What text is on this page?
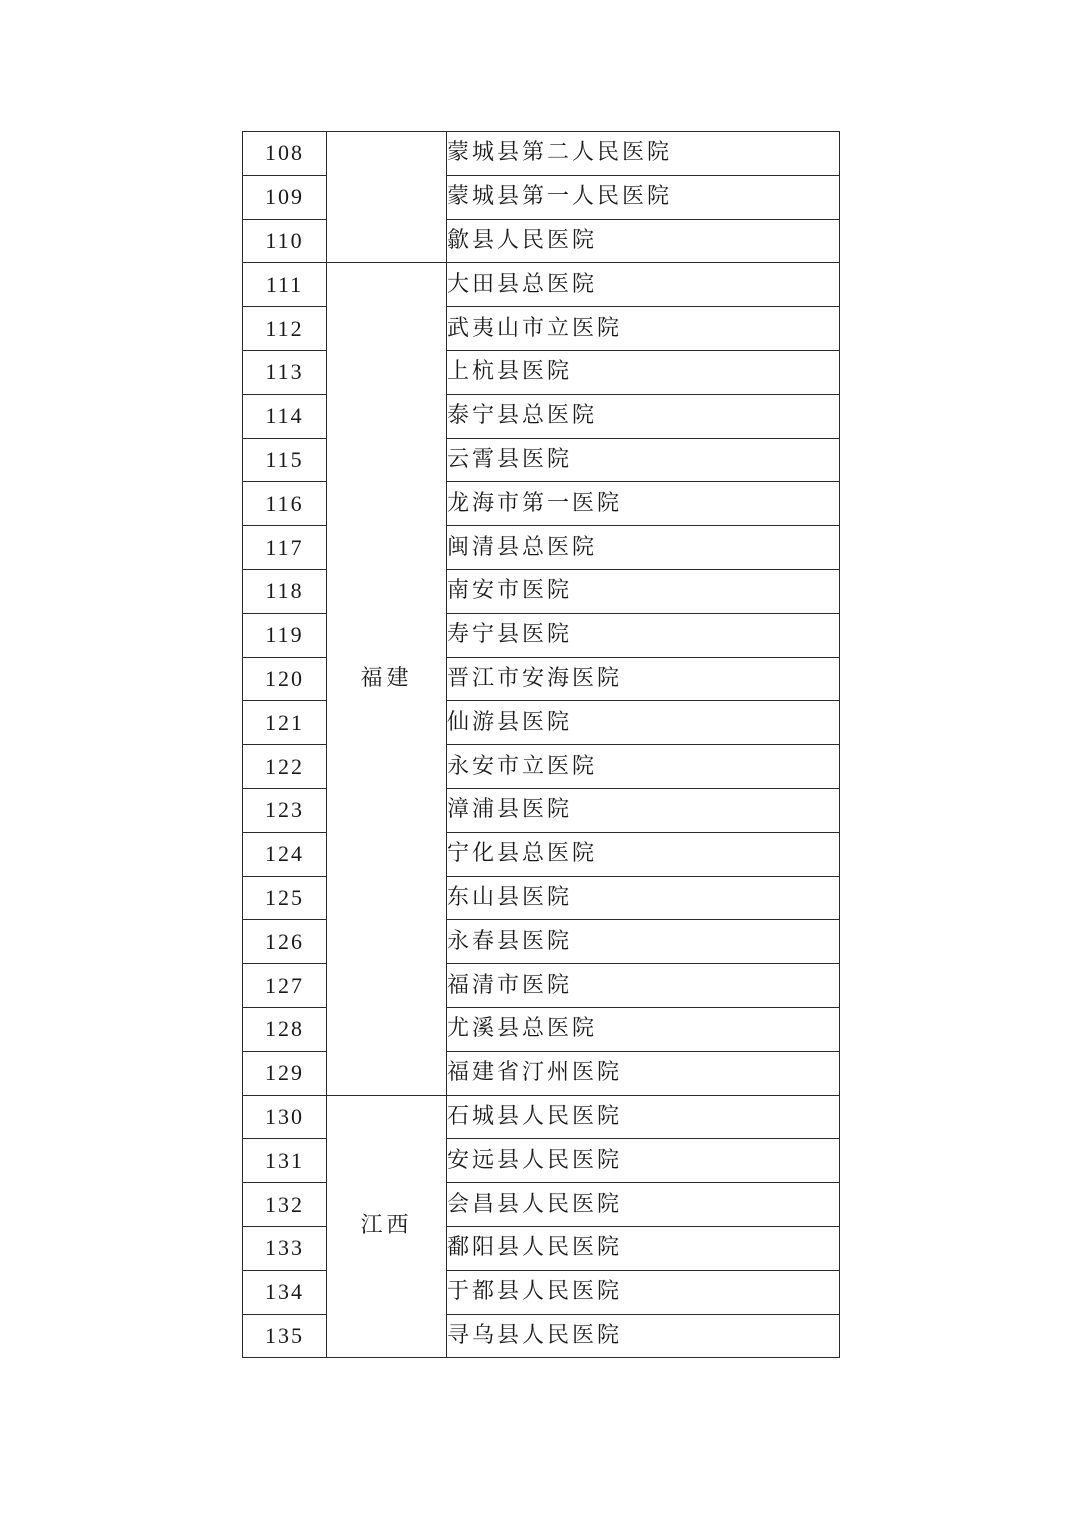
108		蒙城县第二人民医院
109		蒙城县第一人民医院
110		歙县人民医院
111	福建	大田县总医院
112		武夷山市立医院
113		上杭县医院
114		泰宁县总医院
115		云霄县医院
116		龙海市第一医院
117		闽清县总医院
118		南安市医院
119		寿宁县医院
120		晋江市安海医院
121		仙游县医院
122		永安市立医院
123		漳浦县医院
124		宁化县总医院
125		东山县医院
126		永春县医院
127		福清市医院
128		尤溪县总医院
129		福建省汀州医院
130	江西	石城县人民医院
131		安远县人民医院
132		会昌县人民医院
133		鄱阳县人民医院
134		于都县人民医院
135		寻乌县人民医院
